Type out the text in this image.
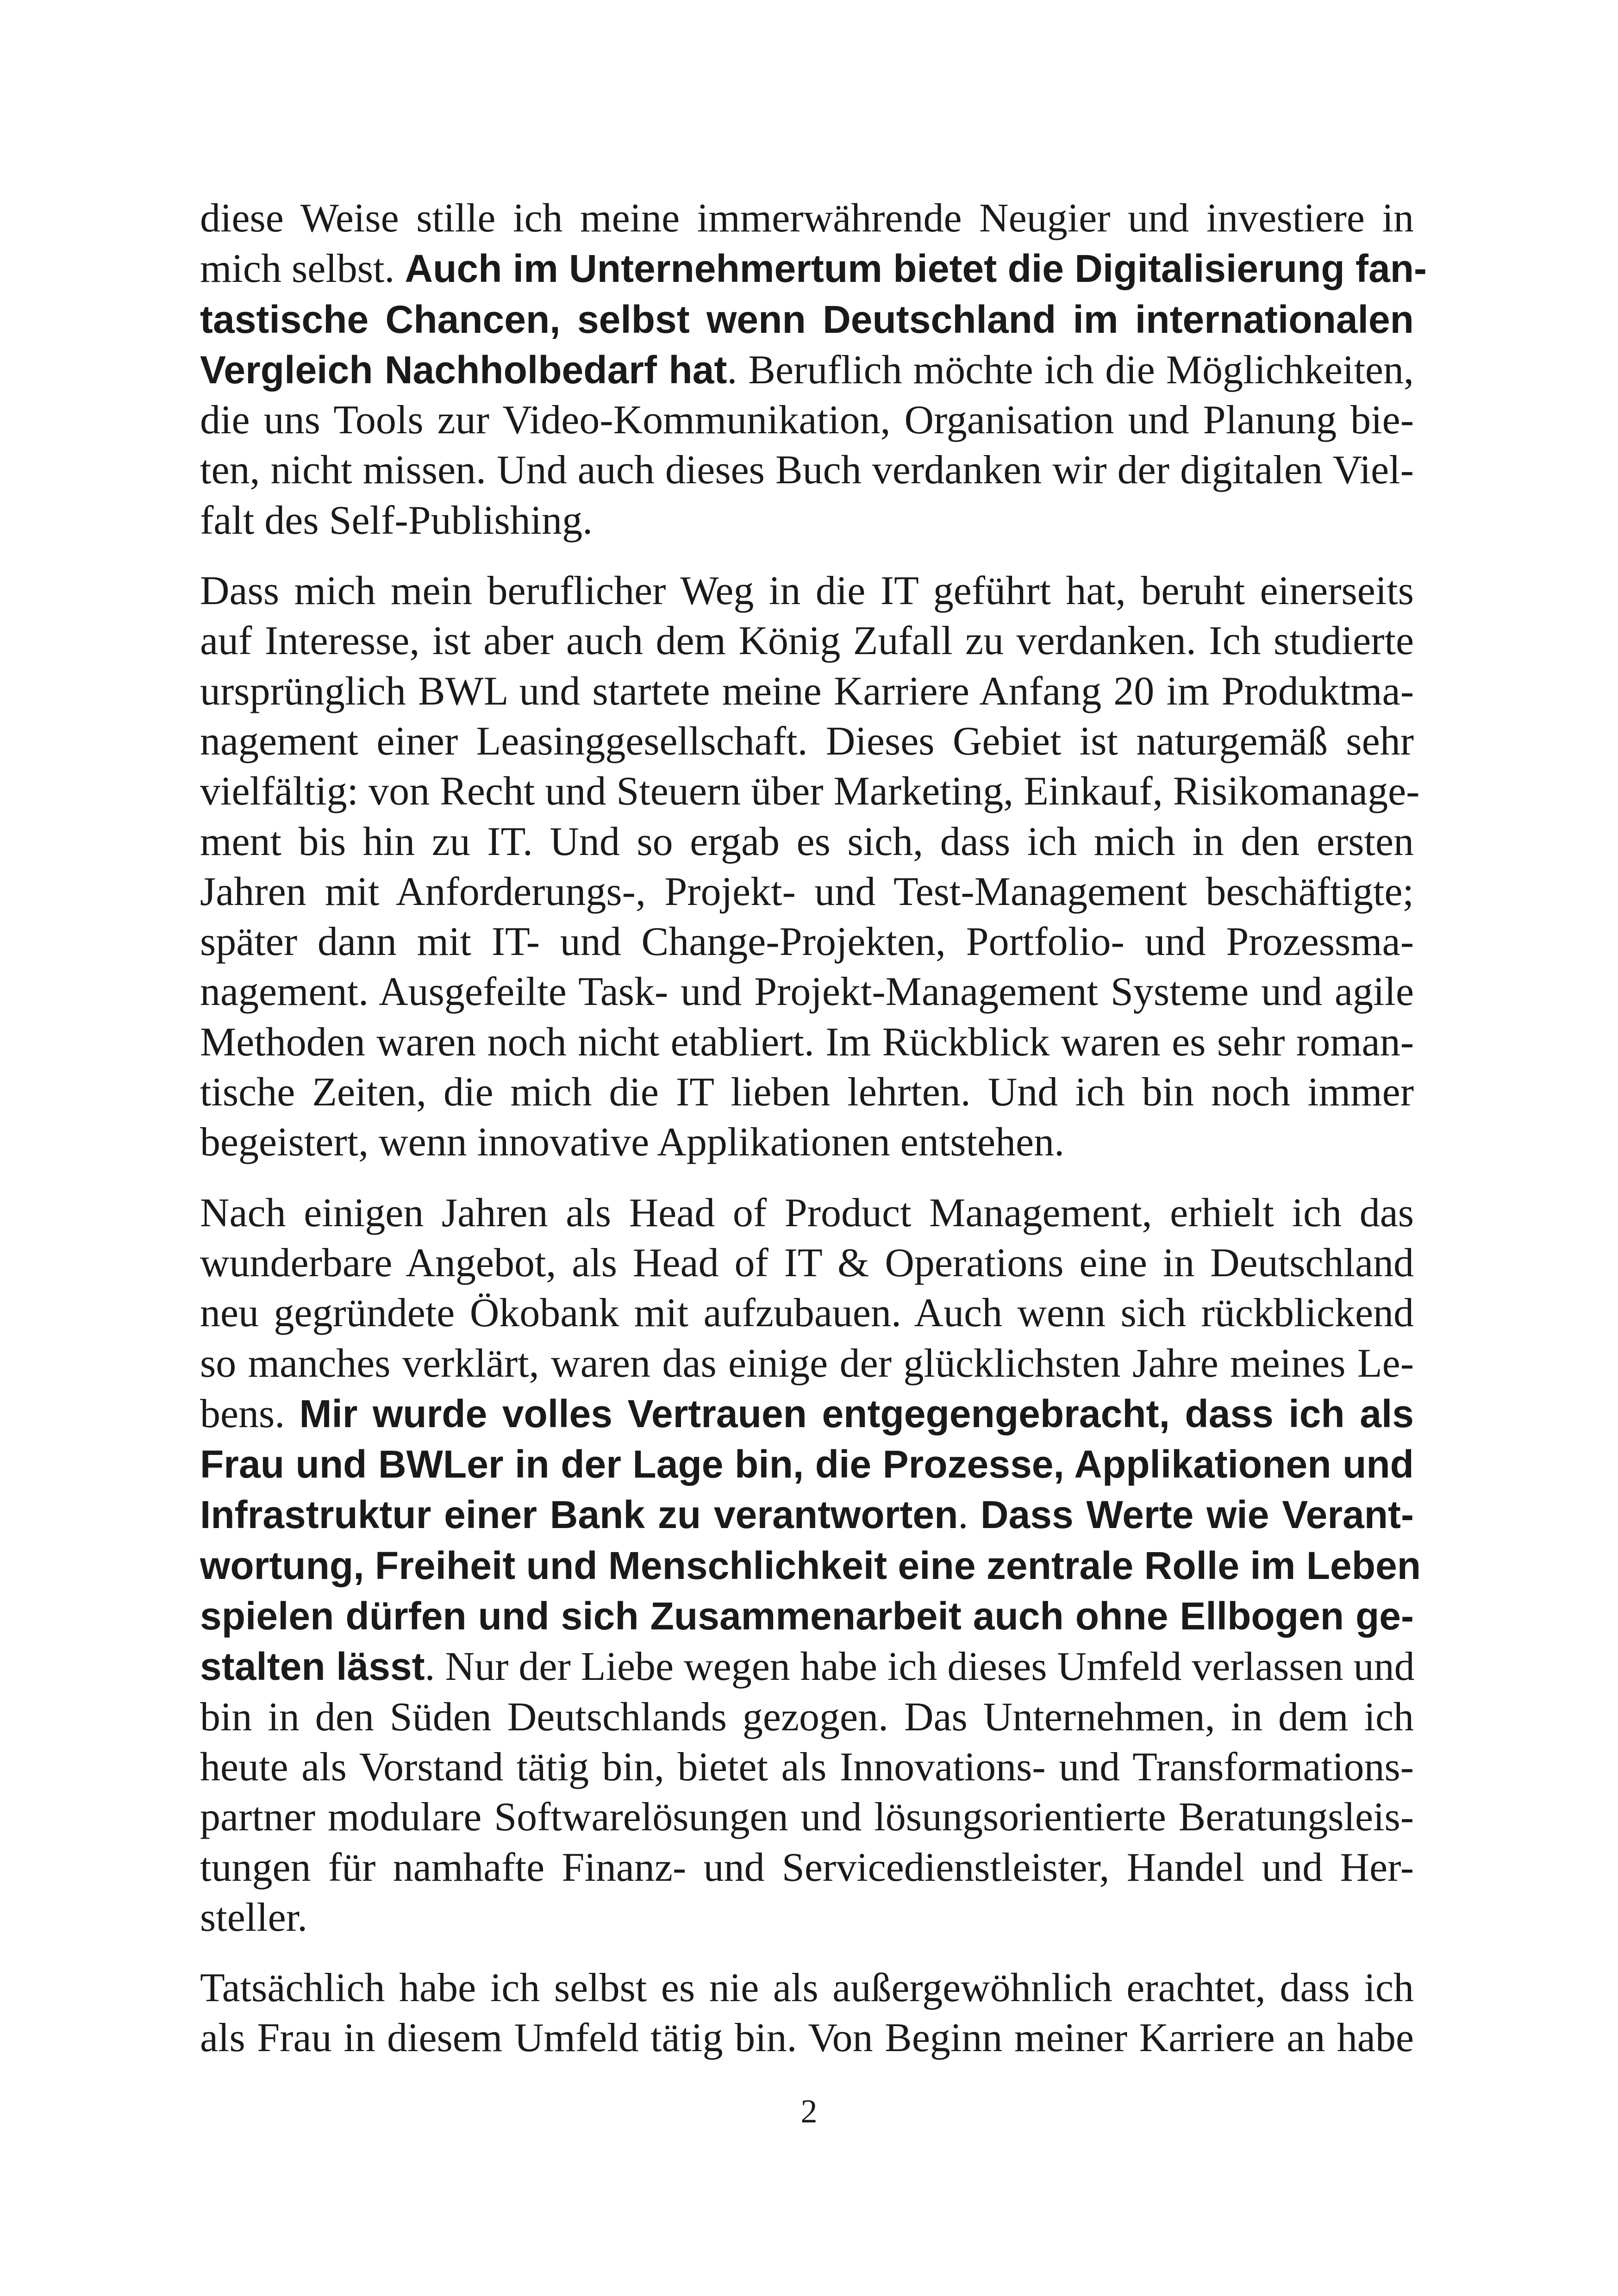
diese Weise stille ich meine immerwährende Neugier und investiere in
mich selbst. Auch im Unternehmertum bietet die Digitalisierung fan-
tastische Chancen, selbst wenn Deutschland im internationalen
Vergleich Nachholbedarf hat. Beruflich möchte ich die Möglichkeiten,
die uns Tools zur Video-Kommunikation, Organisation und Planung bie-
ten, nicht missen. Und auch dieses Buch verdanken wir der digitalen Viel-
falt des Self-Publishing.

Dass mich mein beruflicher Weg in die IT geführt hat, beruht einerseits
auf Interesse, ist aber auch dem König Zufall zu verdanken. Ich studierte
ursprünglich BWL und startete meine Karriere Anfang 20 im Produktma-
nagement einer Leasinggesellschaft. Dieses Gebiet ist naturgemäß sehr
vielfältig: von Recht und Steuern über Marketing, Einkauf, Risikomanage-
ment bis hin zu IT. Und so ergab es sich, dass ich mich in den ersten
Jahren mit Anforderungs-, Projekt- und Test-Management beschäftigte;
später dann mit IT- und Change-Projekten, Portfolio- und Prozessma-
nagement. Ausgefeilte Task- und Projekt-Management Systeme und agile
Methoden waren noch nicht etabliert. Im Rückblick waren es sehr roman-
tische Zeiten, die mich die IT lieben lehrten. Und ich bin noch immer
begeistert, wenn innovative Applikationen entstehen.

Nach einigen Jahren als Head of Product Management, erhielt ich das
wunderbare Angebot, als Head of IT & Operations eine in Deutschland
neu gegründete Ökobank mit aufzubauen. Auch wenn sich rückblickend
so manches verklärt, waren das einige der glücklichsten Jahre meines Le-
bens. Mir wurde volles Vertrauen entgegengebracht, dass ich als
Frau und BWLer in der Lage bin, die Prozesse, Applikationen und
Infrastruktur einer Bank zu verantworten. Dass Werte wie Verant-
wortung, Freiheit und Menschlichkeit eine zentrale Rolle im Leben
spielen dürfen und sich Zusammenarbeit auch ohne Ellbogen ge-
stalten lässt. Nur der Liebe wegen habe ich dieses Umfeld verlassen und
bin in den Süden Deutschlands gezogen. Das Unternehmen, in dem ich
heute als Vorstand tätig bin, bietet als Innovations- und Transformations-
partner modulare Softwarelösungen und lösungsorientierte Beratungsleis-
tungen für namhafte Finanz- und Servicedienstleister, Handel und Her-
steller.

Tatsächlich habe ich selbst es nie als außergewöhnlich erachtet, dass ich
als Frau in diesem Umfeld tätig bin. Von Beginn meiner Karriere an habe

2
